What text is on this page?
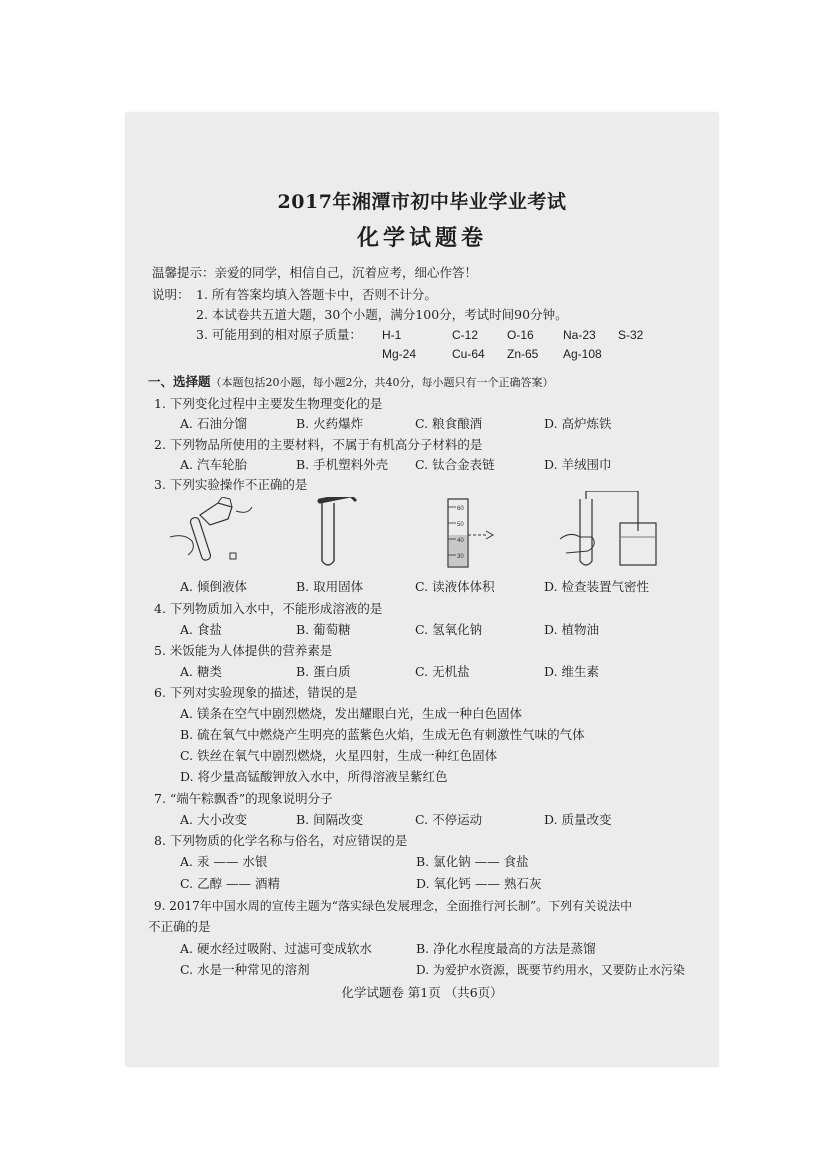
2017年湘潭市初中毕业学业考试
化学试题卷
温馨提示：亲爱的同学，相信自己，沉着应考，细心作答！
说明： 1. 所有答案均填入答题卡中，否则不计分。
2. 本试卷共五道大题，30个小题，满分100分，考试时间90分钟。
3. 可能用到的相对原子质量： H-1	C-12 O-16 Na-23 S-32
Mg-24	Cu-64 Zn-65 Ag-108
一、选择题（本题包括20小题，每小题2分，共40分，每小题只有一个正确答案）
1. 下列变化过程中主要发生物理变化的是
A. 石油分馏	B. 火药爆炸	C. 粮食酿酒	D. 高炉炼铁
2. 下列物品所使用的主要材料，不属于有机高分子材料的是
A. 汽车轮胎	B. 手机塑料外壳 C. 钛合金表链	D. 羊绒围巾
3. 下列实验操作不正确的是
60
50
40
30
A. 倾倒液体	B. 取用固体	C. 读液体体积	D. 检查装置气密性
4. 下列物质加入水中，不能形成溶液的是
A. 食盐	B. 葡萄糖	C. 氢氧化钠	D. 植物油
5. 米饭能为人体提供的营养素是
A. 糖类	B. 蛋白质	C. 无机盐	D. 维生素
6. 下列对实验现象的描述，错误的是
A. 镁条在空气中剧烈燃烧，发出耀眼白光，生成一种白色固体
B. 硫在氧气中燃烧产生明亮的蓝紫色火焰，生成无色有刺激性气味的气体
C. 铁丝在氧气中剧烈燃烧，火星四射，生成一种红色固体
D. 将少量高锰酸钾放入水中，所得溶液呈紫红色
7. “端午粽飘香”的现象说明分子
A. 大小改变	B. 间隔改变	C. 不停运动	D. 质量改变
8. 下列物质的化学名称与俗名，对应错误的是
A. 汞 —— 水银	B. 氯化钠 —— 食盐
C. 乙醇 —— 酒精	D. 氧化钙 —— 熟石灰
9. 2017年中国水周的宣传主题为“落实绿色发展理念，全面推行河长制”。下列有关说法中
不正确的是
A. 硬水经过吸附、过滤可变成软水	B. 净化水程度最高的方法是蒸馏
C. 水是一种常见的溶剂	D. 为爱护水资源，既要节约用水，又要防止水污染
化学试题卷 第1页 （共6页）
